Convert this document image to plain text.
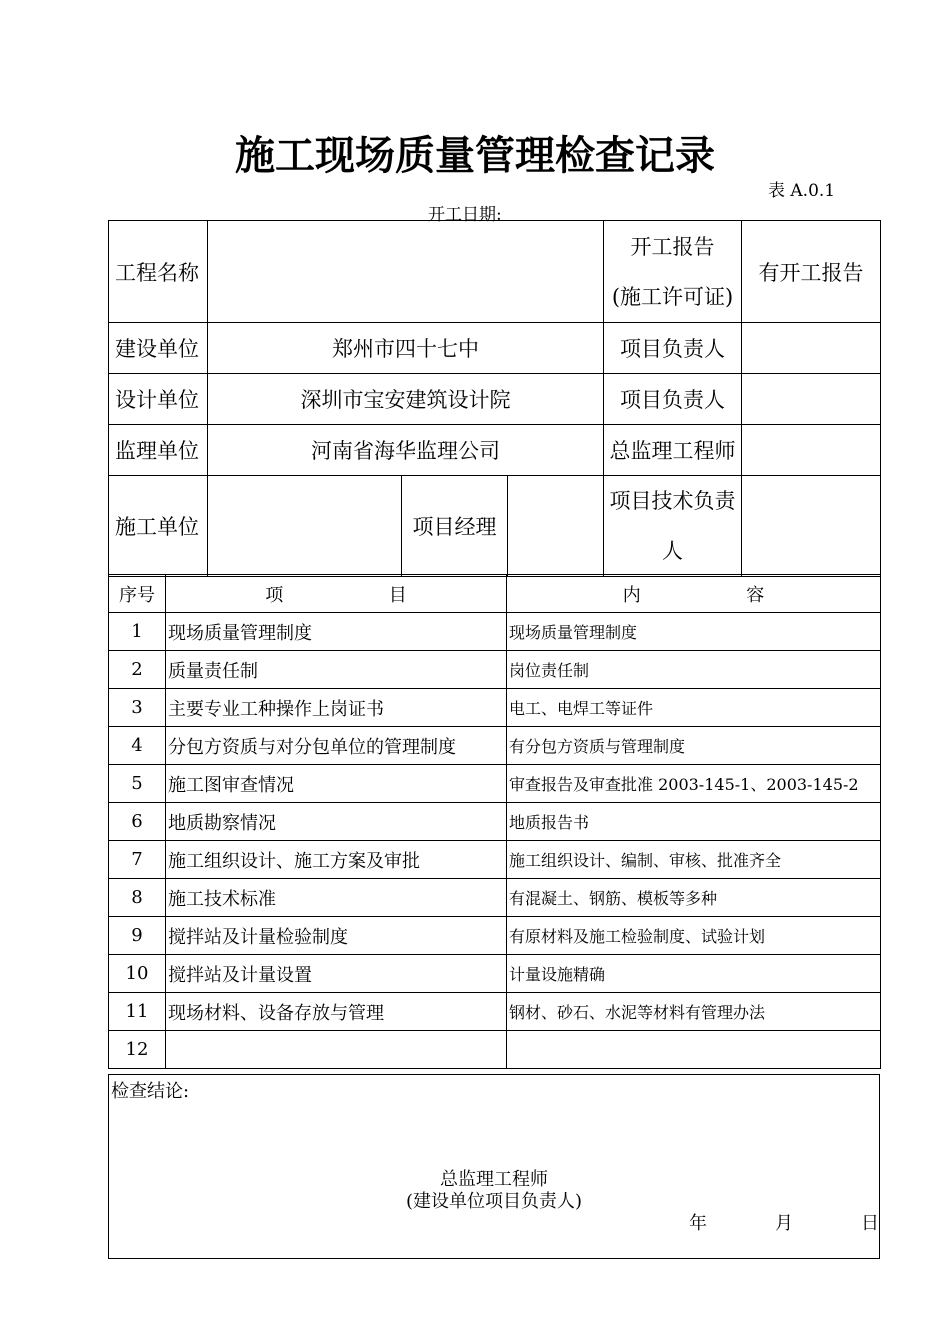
施工现场质量管理检查记录
表 A.0.1
开工日期:
工程名称				开工报告
(施工许可证)	有开工报告
建设单位	郑州市四十七中			项目负责人	
设计单位	深圳市宝安建筑设计院			项目负责人	
监理单位	河南省海华监理公司			总监理工程师	
施工单位		项目经理		项目技术负责
人	

序号	项 目	内 容
1	现场质量管理制度	现场质量管理制度
2	质量责任制	岗位责任制
3	主要专业工种操作上岗证书	电工、电焊工等证件
4	分包方资质与对分包单位的管理制度	有分包方资质与管理制度
5	施工图审查情况	审查报告及审查批准 2003-145-1、2003-145-2
6	地质勘察情况	地质报告书
7	施工组织设计、施工方案及审批	施工组织设计、编制、审核、批准齐全
8	施工技术标准	有混凝土、钢筋、模板等多种
9	搅拌站及计量检验制度	有原材料及施工检验制度、试验计划
10	搅拌站及计量设置	计量设施精确
11	现场材料、设备存放与管理	钢材、砂石、水泥等材料有管理办法
12		
检查结论:
总监理工程师
(建设单位项目负责人)
年	月	日
